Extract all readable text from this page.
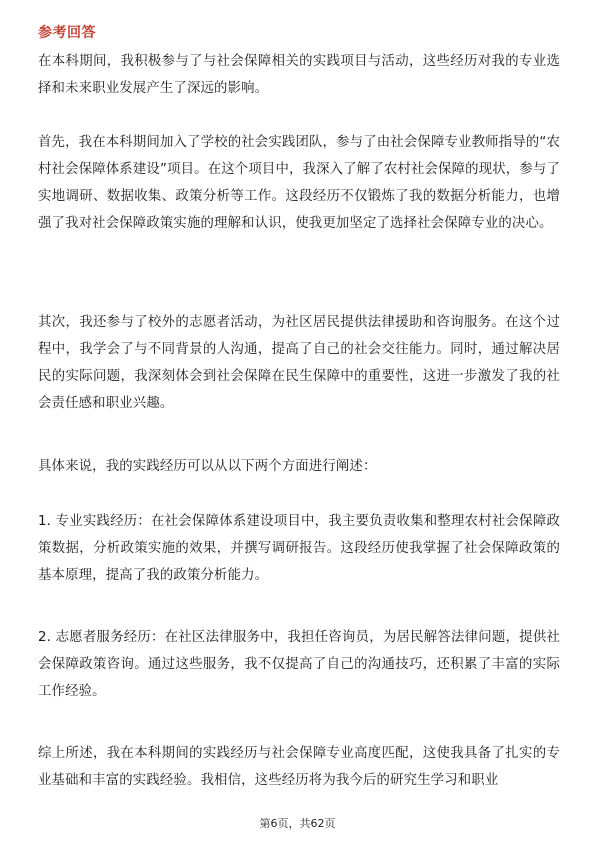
参考回答
在本科期间，我积极参与了与社会保障相关的实践项目与活动，这些经历对我的专业选择和未来职业发展产生了深远的影响。
首先，我在本科期间加入了学校的社会实践团队，参与了由社会保障专业教师指导的“农村社会保障体系建设”项目。在这个项目中，我深入了解了农村社会保障的现状，参与了实地调研、数据收集、政策分析等工作。这段经历不仅锻炼了我的数据分析能力，也增强了我对社会保障政策实施的理解和认识，使我更加坚定了选择社会保障专业的决心。
其次，我还参与了校外的志愿者活动，为社区居民提供法律援助和咨询服务。在这个过程中，我学会了与不同背景的人沟通，提高了自己的社会交往能力。同时，通过解决居民的实际问题，我深刻体会到社会保障在民生保障中的重要性，这进一步激发了我的社会责任感和职业兴趣。
具体来说，我的实践经历可以从以下两个方面进行阐述：
1. 专业实践经历：在社会保障体系建设项目中，我主要负责收集和整理农村社会保障政策数据，分析政策实施的效果，并撰写调研报告。这段经历使我掌握了社会保障政策的基本原理，提高了我的政策分析能力。
2. 志愿者服务经历：在社区法律服务中，我担任咨询员，为居民解答法律问题，提供社会保障政策咨询。通过这些服务，我不仅提高了自己的沟通技巧，还积累了丰富的实际工作经验。
综上所述，我在本科期间的实践经历与社会保障专业高度匹配，这使我具备了扎实的专业基础和丰富的实践经验。我相信，这些经历将为我今后的研究生学习和职业
第6页，共62页
